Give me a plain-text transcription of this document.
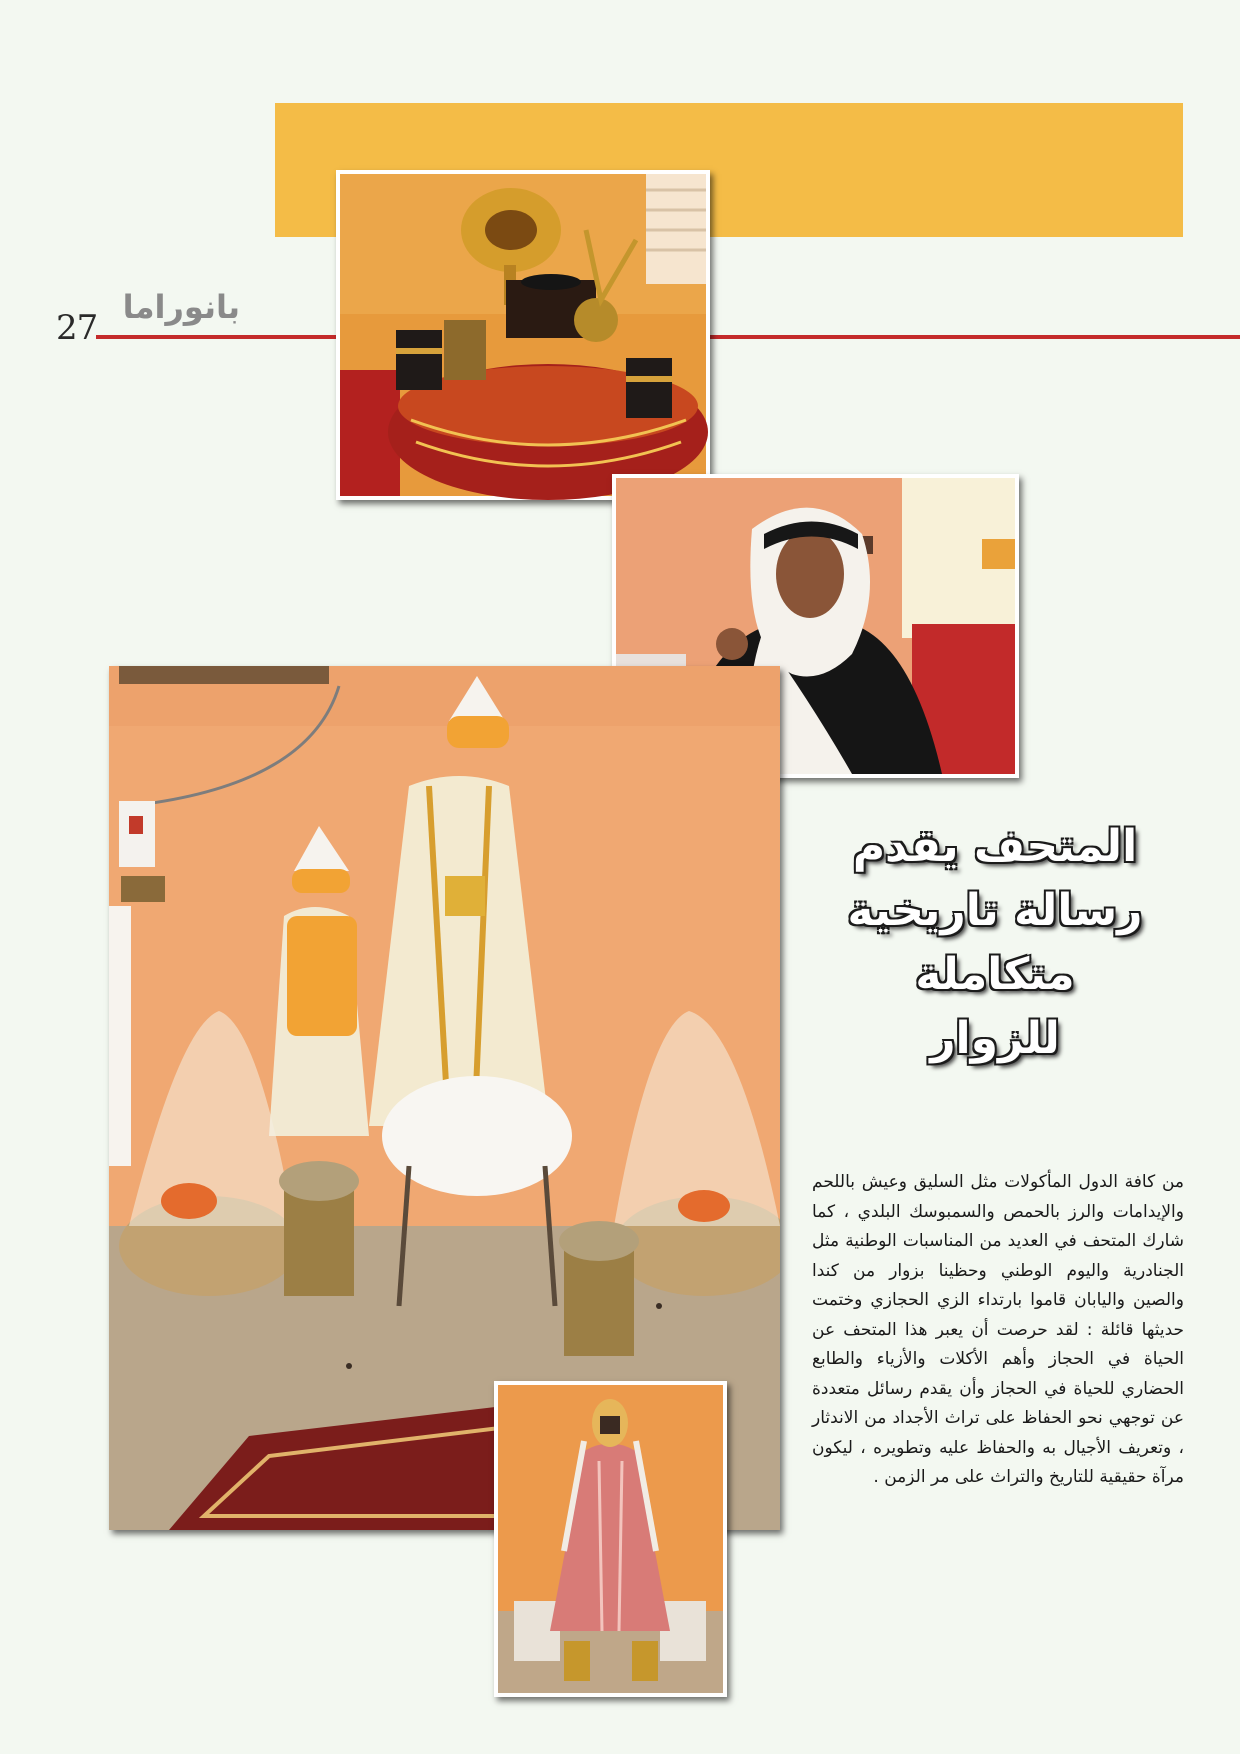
27
بانوراما
المتحف يقدم
رسالة تاريخية
متكاملة للزوار
من كافة الدول المأكولات مثل السليق وعيش باللحم والإيدامات والرز بالحمص والسمبوسك البلدي ، كما شارك المتحف في العديد من المناسبات الوطنية مثل الجنادرية واليوم الوطني وحظينا بزوار من كندا والصين واليابان قاموا بارتداء الزي الحجازي وختمت حديثها قائلة : لقد حرصت أن يعبر هذا المتحف عن الحياة في الحجاز وأهم الأكلات والأزياء والطابع الحضاري للحياة في الحجاز وأن يقدم رسائل متعددة عن توجهي نحو الحفاظ على تراث الأجداد من الاندثار ، وتعريف الأجيال به والحفاظ عليه وتطويره ، ليكون مرآة حقيقية للتاريخ والتراث على مر الزمن .
